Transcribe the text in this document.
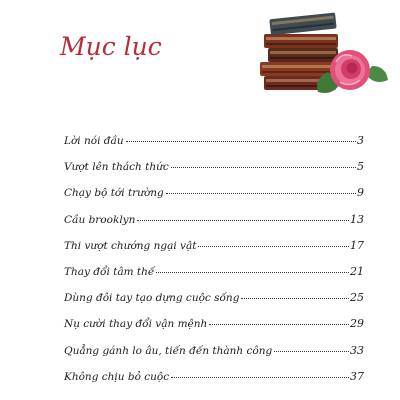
Mục lục
Lời nói đầu	3
Vượt lên thách thức	5
Chạy bộ tới trường	9
Cầu brooklyn	13
Thi vượt chướng ngại vật	17
Thay đổi tâm thế	21
Dùng đôi tay tạo dựng cuộc sống	25
Nụ cười thay đổi vận mệnh	29
Quẳng gánh lo âu, tiến đến thành công	33
Không chịu bỏ cuộc	37
